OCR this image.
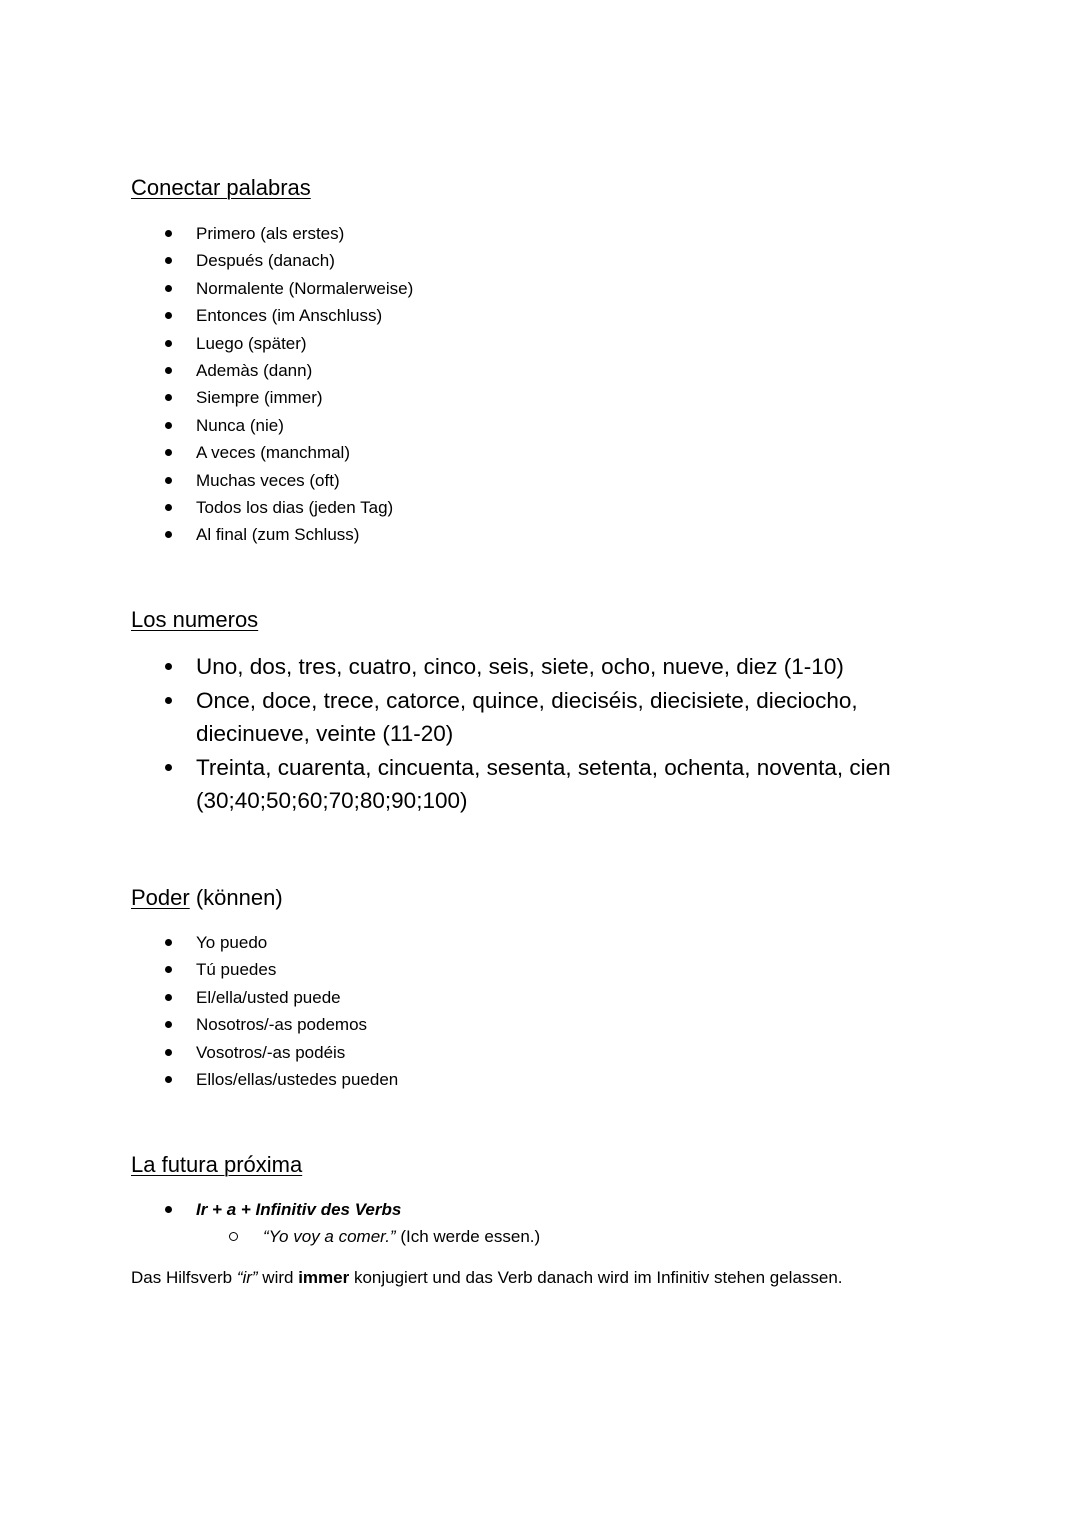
Conectar palabras
Primero (als erstes)
Después (danach)
Normalente (Normalerweise)
Entonces (im Anschluss)
Luego (später)
Ademàs (dann)
Siempre (immer)
Nunca (nie)
A veces (manchmal)
Muchas veces (oft)
Todos los dias (jeden Tag)
Al final (zum Schluss)
Los numeros
Uno, dos, tres, cuatro, cinco, seis, siete, ocho, nueve, diez (1-10)
Once, doce, trece, catorce, quince, dieciséis, diecisiete, dieciocho, diecinueve, veinte (11-20)
Treinta, cuarenta, cincuenta, sesenta, setenta, ochenta, noventa, cien (30;40;50;60;70;80;90;100)
Poder (können)
Yo puedo
Tú puedes
El/ella/usted puede
Nosotros/-as podemos
Vosotros/-as podéis
Ellos/ellas/ustedes pueden
La futura próxima
Ir + a + Infinitiv des Verbs
“Yo voy a comer.” (Ich werde essen.)

Das Hilfsverb “ir” wird immer konjugiert und das Verb danach wird im Infinitiv stehen gelassen.
